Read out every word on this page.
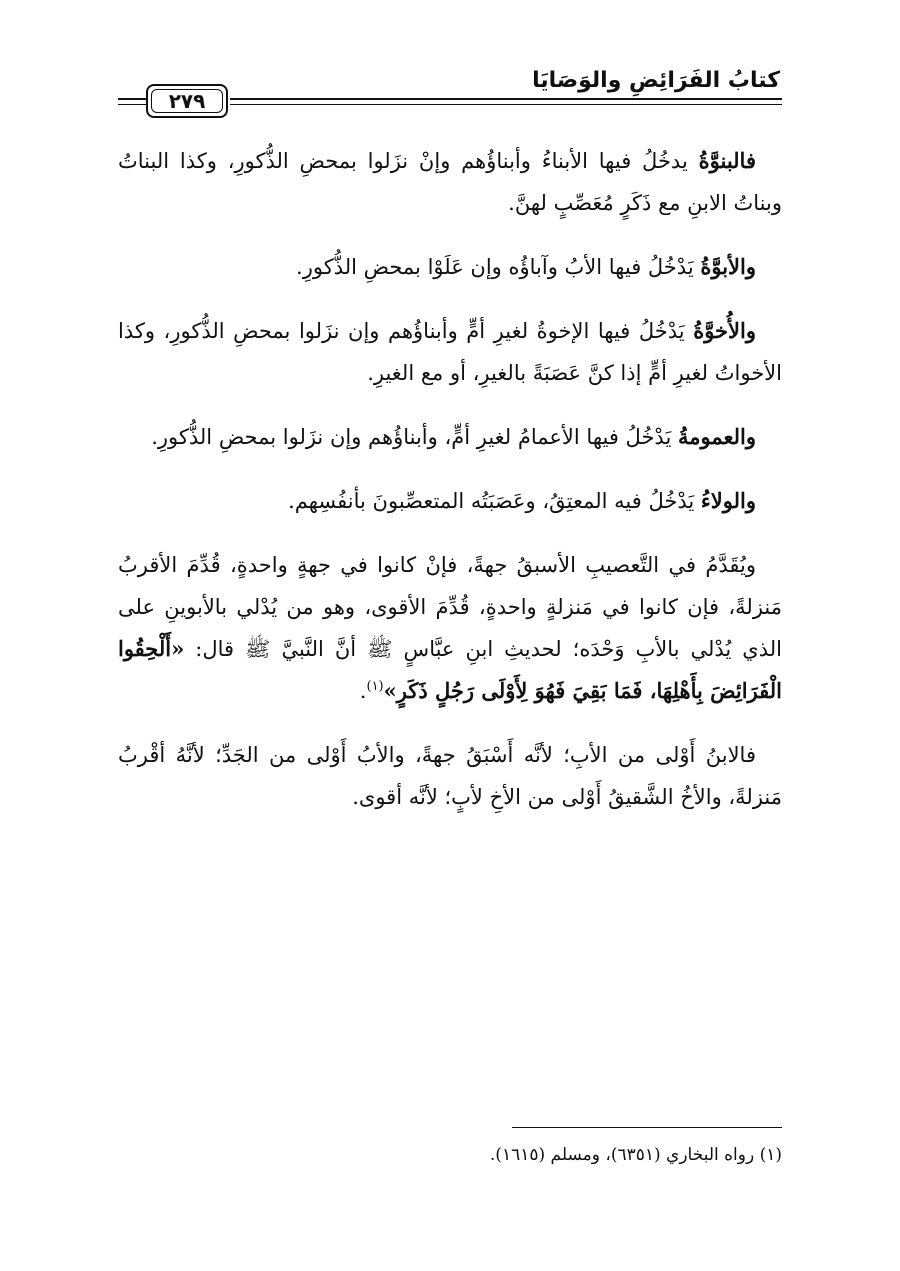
كتابُ الفَرَائِضِ والوَصَايَا
٢٧٩

فالبنوَّةُ يدخُلُ فيها الأبناءُ وأبناؤُهم وإنْ نزَلوا بمحضِ الذُّكورِ، وكذا البناتُ وبناتُ الابنِ مع ذَكَرٍ مُعَصِّبٍ لهنَّ.

والأبوَّةُ يَدْخُلُ فيها الأبُ وآباؤُه وإن عَلَوْا بمحضِ الذُّكورِ.

والأُخوَّةُ يَدْخُلُ فيها الإخوةُ لغيرِ أمٍّ وأبناؤُهم وإن نزَلوا بمحضِ الذُّكورِ، وكذا الأخواتُ لغيرِ أمٍّ إذا كنَّ عَصَبَةً بالغيرِ، أو مع الغيرِ.

والعمومةُ يَدْخُلُ فيها الأعمامُ لغيرِ أمٍّ، وأبناؤُهم وإن نزَلوا بمحضِ الذُّكورِ.

والولاءُ يَدْخُلُ فيه المعتِقُ، وعَصَبَتُه المتعصِّبونَ بأنفُسِهم.

ويُقَدَّمُ في التَّعصيبِ الأسبقُ جهةً، فإنْ كانوا في جهةٍ واحدةٍ، قُدِّمَ الأقربُ مَنزلةً، فإن كانوا في مَنزلةٍ واحدةٍ، قُدِّمَ الأقوى، وهو من يُدْلي بالأبوينِ على الذي يُدْلي بالأبِ وَحْدَه؛ لحديثِ ابنِ عبَّاسٍ ﷺ أنَّ النَّبيَّ ﷺ قال: «أَلْحِقُوا الْفَرَائِضَ بِأَهْلِهَا، فَمَا بَقِيَ فَهُوَ لِأَوْلَى رَجُلٍ ذَكَرٍ»$^{(١)}$.

فالابنُ أَوْلى من الأبِ؛ لأنَّه أَسْبَقُ جهةً، والأبُ أَوْلى من الجَدِّ؛ لأنَّهُ أقْربُ مَنزلةً، والأخُ الشَّقيقُ أَوْلى من الأخِ لأبٍ؛ لأنَّه أقوى.

(١) رواه البخاري (٦٣٥١)، ومسلم (١٦١٥).
